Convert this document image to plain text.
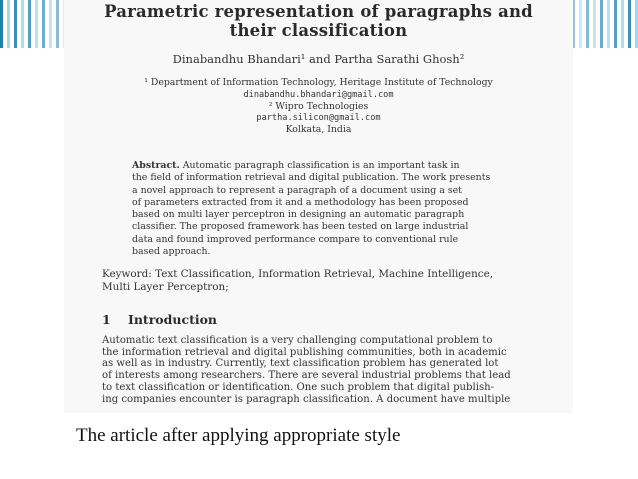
Parametric representation of paragraphs and
their classification
Dinabandhu Bhandari¹ and Partha Sarathi Ghosh²
¹ Department of Information Technology, Heritage Institute of Technology
dinabandhu.bhandari@gmail.com
² Wipro Technologies
partha.silicon@gmail.com
Kolkata, India
Abstract. Automatic paragraph classification is an important task in
the field of information retrieval and digital publication. The work presents
a novel approach to represent a paragraph of a document using a set
of parameters extracted from it and a methodology has been proposed
based on multi layer perceptron in designing an automatic paragraph
classifier. The proposed framework has been tested on large industrial
data and found improved performance compare to conventional rule
based approach.
Keyword: Text Classification, Information Retrieval, Machine Intelligence,
Multi Layer Perceptron;
1 Introduction
Automatic text classification is a very challenging computational problem to
the information retrieval and digital publishing communities, both in academic
as well as in industry. Currently, text classification problem has generated lot
of interests among researchers. There are several industrial problems that lead
to text classification or identification. One such problem that digital publish-
ing companies encounter is paragraph classification. A document have multiple
The article after applying appropriate style
